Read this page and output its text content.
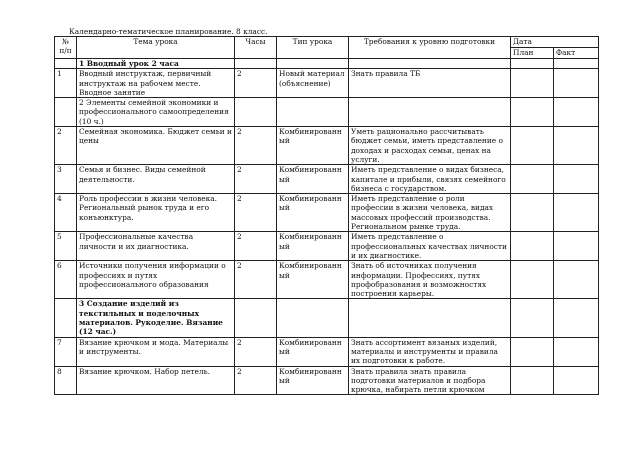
Календарно-тематическое планирование. 8 класс.
№
п/п	Тема урока	Часы	Тип урока	Требования к уровню подготовки	Дата	
					План	Факт
	1 Вводный урок 2 часа					
1	Вводный инструктаж, первичный инструктаж на рабочем месте. Вводное занятие	2	Новый материал (объяснение)	Знать правила ТБ		
	2 Элементы семейной экономики и профессионального самоопределения (10 ч.)					
2	Семейная экономика. Бюджет семьи и цены	2	Комбинированный	Уметь рационально рассчитывать бюджет семьи, иметь представление о доходах и расходах семьи, ценах на услуги.		
3	Семья и бизнес. Виды семейной деятельности.	2	Комбинированный	Иметь представление о видах бизнеса, капитале и прибыли, связях семейного бизнеса с государством.		
4	Роль профессии в жизни человека. Региональный рынок труда и его конъюнктура.	2	Комбинированный	Иметь представление о роли профессии в жизни человека, видах массовых профессий производства. Региональном рынке труда.		
5	Профессиональные качества личности и их диагностика.	2	Комбинированный	Иметь представление о профессиональных качествах личности и их диагностике.		
6	Источники получения информации о профессиях и путях профессионального образования	2	Комбинированный	Знать об источниках получения информации. Профессиях, путях профобразования и возможностях построения карьеры.		
	3 Создание изделий из текстильных и поделочных материалов. Рукоделие. Вязание (12 час.)					
7	Вязание крючком и мода. Материалы и инструменты.	2	Комбинированный	Знать ассортимент вязаных изделий, материалы и инструменты и правила их подготовки к работе.		
8	Вязание крючком. Набор петель.	2	Комбинированный	Знать правила знать правила подготовки материалов и подбора крючка, набирать петли крючком		
